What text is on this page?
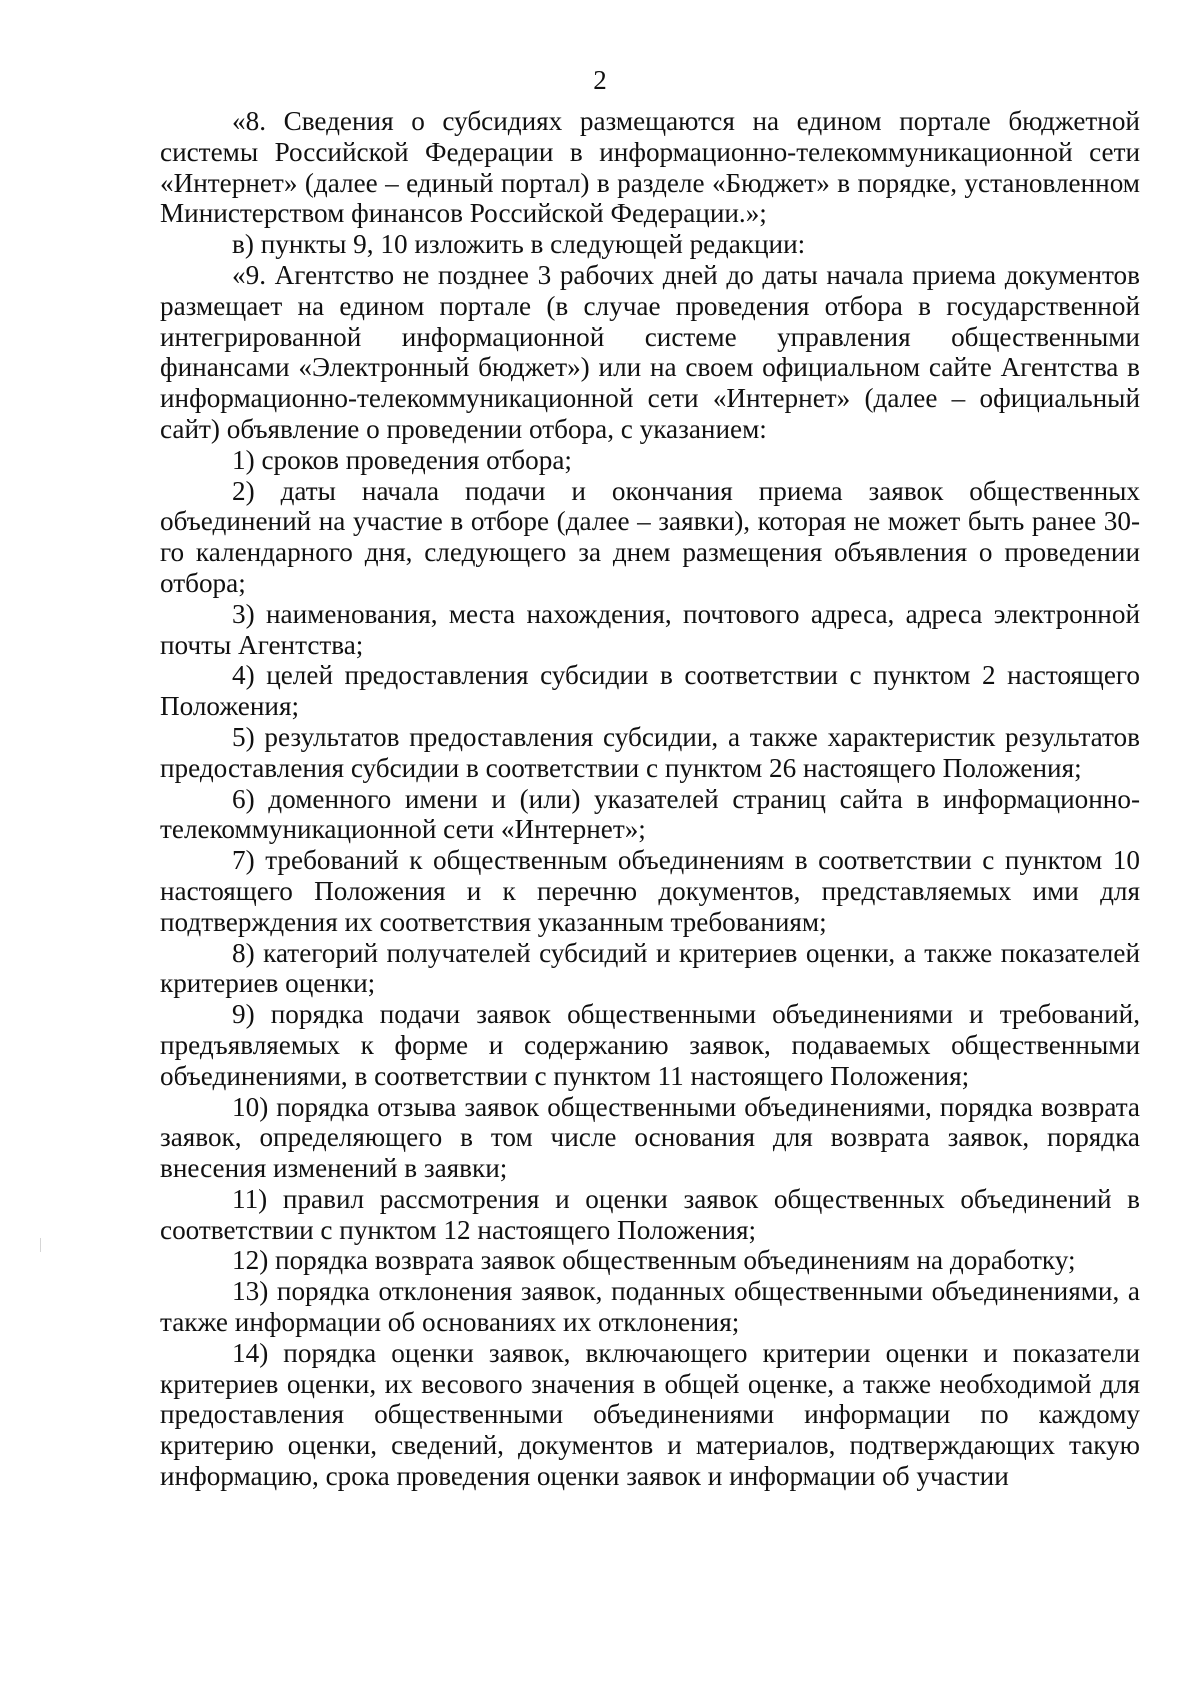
2

«8. Сведения о субсидиях размещаются на едином портале бюджетной системы Российской Федерации в информационно-телекоммуникационной сети «Интернет» (далее – единый портал) в разделе «Бюджет» в порядке, установленном Министерством финансов Российской Федерации.»;

в) пункты 9, 10 изложить в следующей редакции:

«9. Агентство не позднее 3 рабочих дней до даты начала приема документов размещает на едином портале (в случае проведения отбора в государственной интегрированной информационной системе управления общественными финансами «Электронный бюджет») или на своем официальном сайте Агентства в информационно-телекоммуникационной сети «Интернет» (далее – официальный сайт) объявление о проведении отбора, с указанием:

1) сроков проведения отбора;

2) даты начала подачи и окончания приема заявок общественных объединений на участие в отборе (далее – заявки), которая не может быть ранее 30-го календарного дня, следующего за днем размещения объявления о проведении отбора;

3) наименования, места нахождения, почтового адреса, адреса электронной почты Агентства;

4) целей предоставления субсидии в соответствии с пунктом 2 настоящего Положения;

5) результатов предоставления субсидии, а также характеристик результатов предоставления субсидии в соответствии с пунктом 26 настоящего Положения;

6) доменного имени и (или) указателей страниц сайта в информационно-телекоммуникационной сети «Интернет»;

7) требований к общественным объединениям в соответствии с пунктом 10 настоящего Положения и к перечню документов, представляемых ими для подтверждения их соответствия указанным требованиям;

8) категорий получателей субсидий и критериев оценки, а также показателей критериев оценки;

9) порядка подачи заявок общественными объединениями и требований, предъявляемых к форме и содержанию заявок, подаваемых общественными объединениями, в соответствии с пунктом 11 настоящего Положения;

10) порядка отзыва заявок общественными объединениями, порядка возврата заявок, определяющего в том числе основания для возврата заявок, порядка внесения изменений в заявки;

11) правил рассмотрения и оценки заявок общественных объединений в соответствии с пунктом 12 настоящего Положения;

12) порядка возврата заявок общественным объединениям на доработку;

13) порядка отклонения заявок, поданных общественными объединениями, а также информации об основаниях их отклонения;

14) порядка оценки заявок, включающего критерии оценки и показатели критериев оценки, их весового значения в общей оценке, а также необходимой для предоставления общественными объединениями информации по каждому критерию оценки, сведений, документов и материалов, подтверждающих такую информацию, срока проведения оценки заявок и информации об участии
